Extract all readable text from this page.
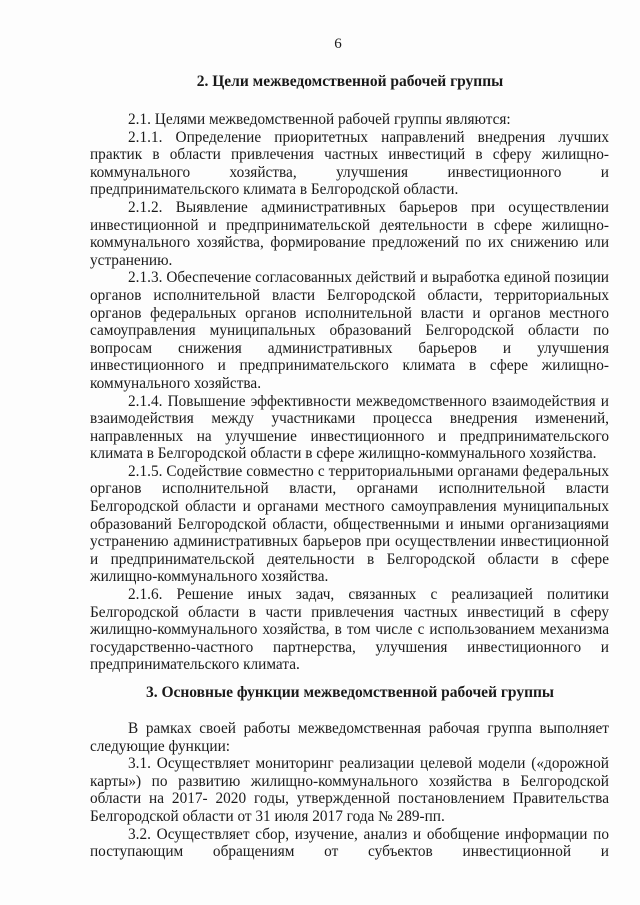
6
2. Цели межведомственной рабочей группы

2.1. Целями межведомственной рабочей группы являются:

2.1.1. Определение приоритетных направлений внедрения лучших практик в области привлечения частных инвестиций в сферу жилищно-коммунального хозяйства, улучшения инвестиционного и предпринимательского климата в Белгородской области.

2.1.2. Выявление административных барьеров при осуществлении инвестиционной и предпринимательской деятельности в сфере жилищно-коммунального хозяйства, формирование предложений по их снижению или устранению.

2.1.3. Обеспечение согласованных действий и выработка единой позиции органов исполнительной власти Белгородской области, территориальных органов федеральных органов исполнительной власти и органов местного самоуправления муниципальных образований Белгородской области по вопросам снижения административных барьеров и улучшения инвестиционного и предпринимательского климата в сфере жилищно-коммунального хозяйства.

2.1.4. Повышение эффективности межведомственного взаимодействия и взаимодействия между участниками процесса внедрения изменений, направленных на улучшение инвестиционного и предпринимательского климата в Белгородской области в сфере жилищно-коммунального хозяйства.

2.1.5. Содействие совместно с территориальными органами федеральных органов исполнительной власти, органами исполнительной власти Белгородской области и органами местного самоуправления муниципальных образований Белгородской области, общественными и иными организациями устранению административных барьеров при осуществлении инвестиционной и предпринимательской деятельности в Белгородской области в сфере жилищно-коммунального хозяйства.

2.1.6. Решение иных задач, связанных с реализацией политики Белгородской области в части привлечения частных инвестиций в сферу жилищно-коммунального хозяйства, в том числе с использованием механизма государственно-частного партнерства, улучшения инвестиционного и предпринимательского климата.

3. Основные функции межведомственной рабочей группы

В рамках своей работы межведомственная рабочая группа выполняет следующие функции:

3.1. Осуществляет мониторинг реализации целевой модели («дорожной карты») по развитию жилищно-коммунального хозяйства в Белгородской области на 2017- 2020 годы, утвержденной постановлением Правительства Белгородской области от 31 июля 2017 года № 289-пп.

3.2. Осуществляет сбор, изучение, анализ и обобщение информации по поступающим обращениям от субъектов инвестиционной и
